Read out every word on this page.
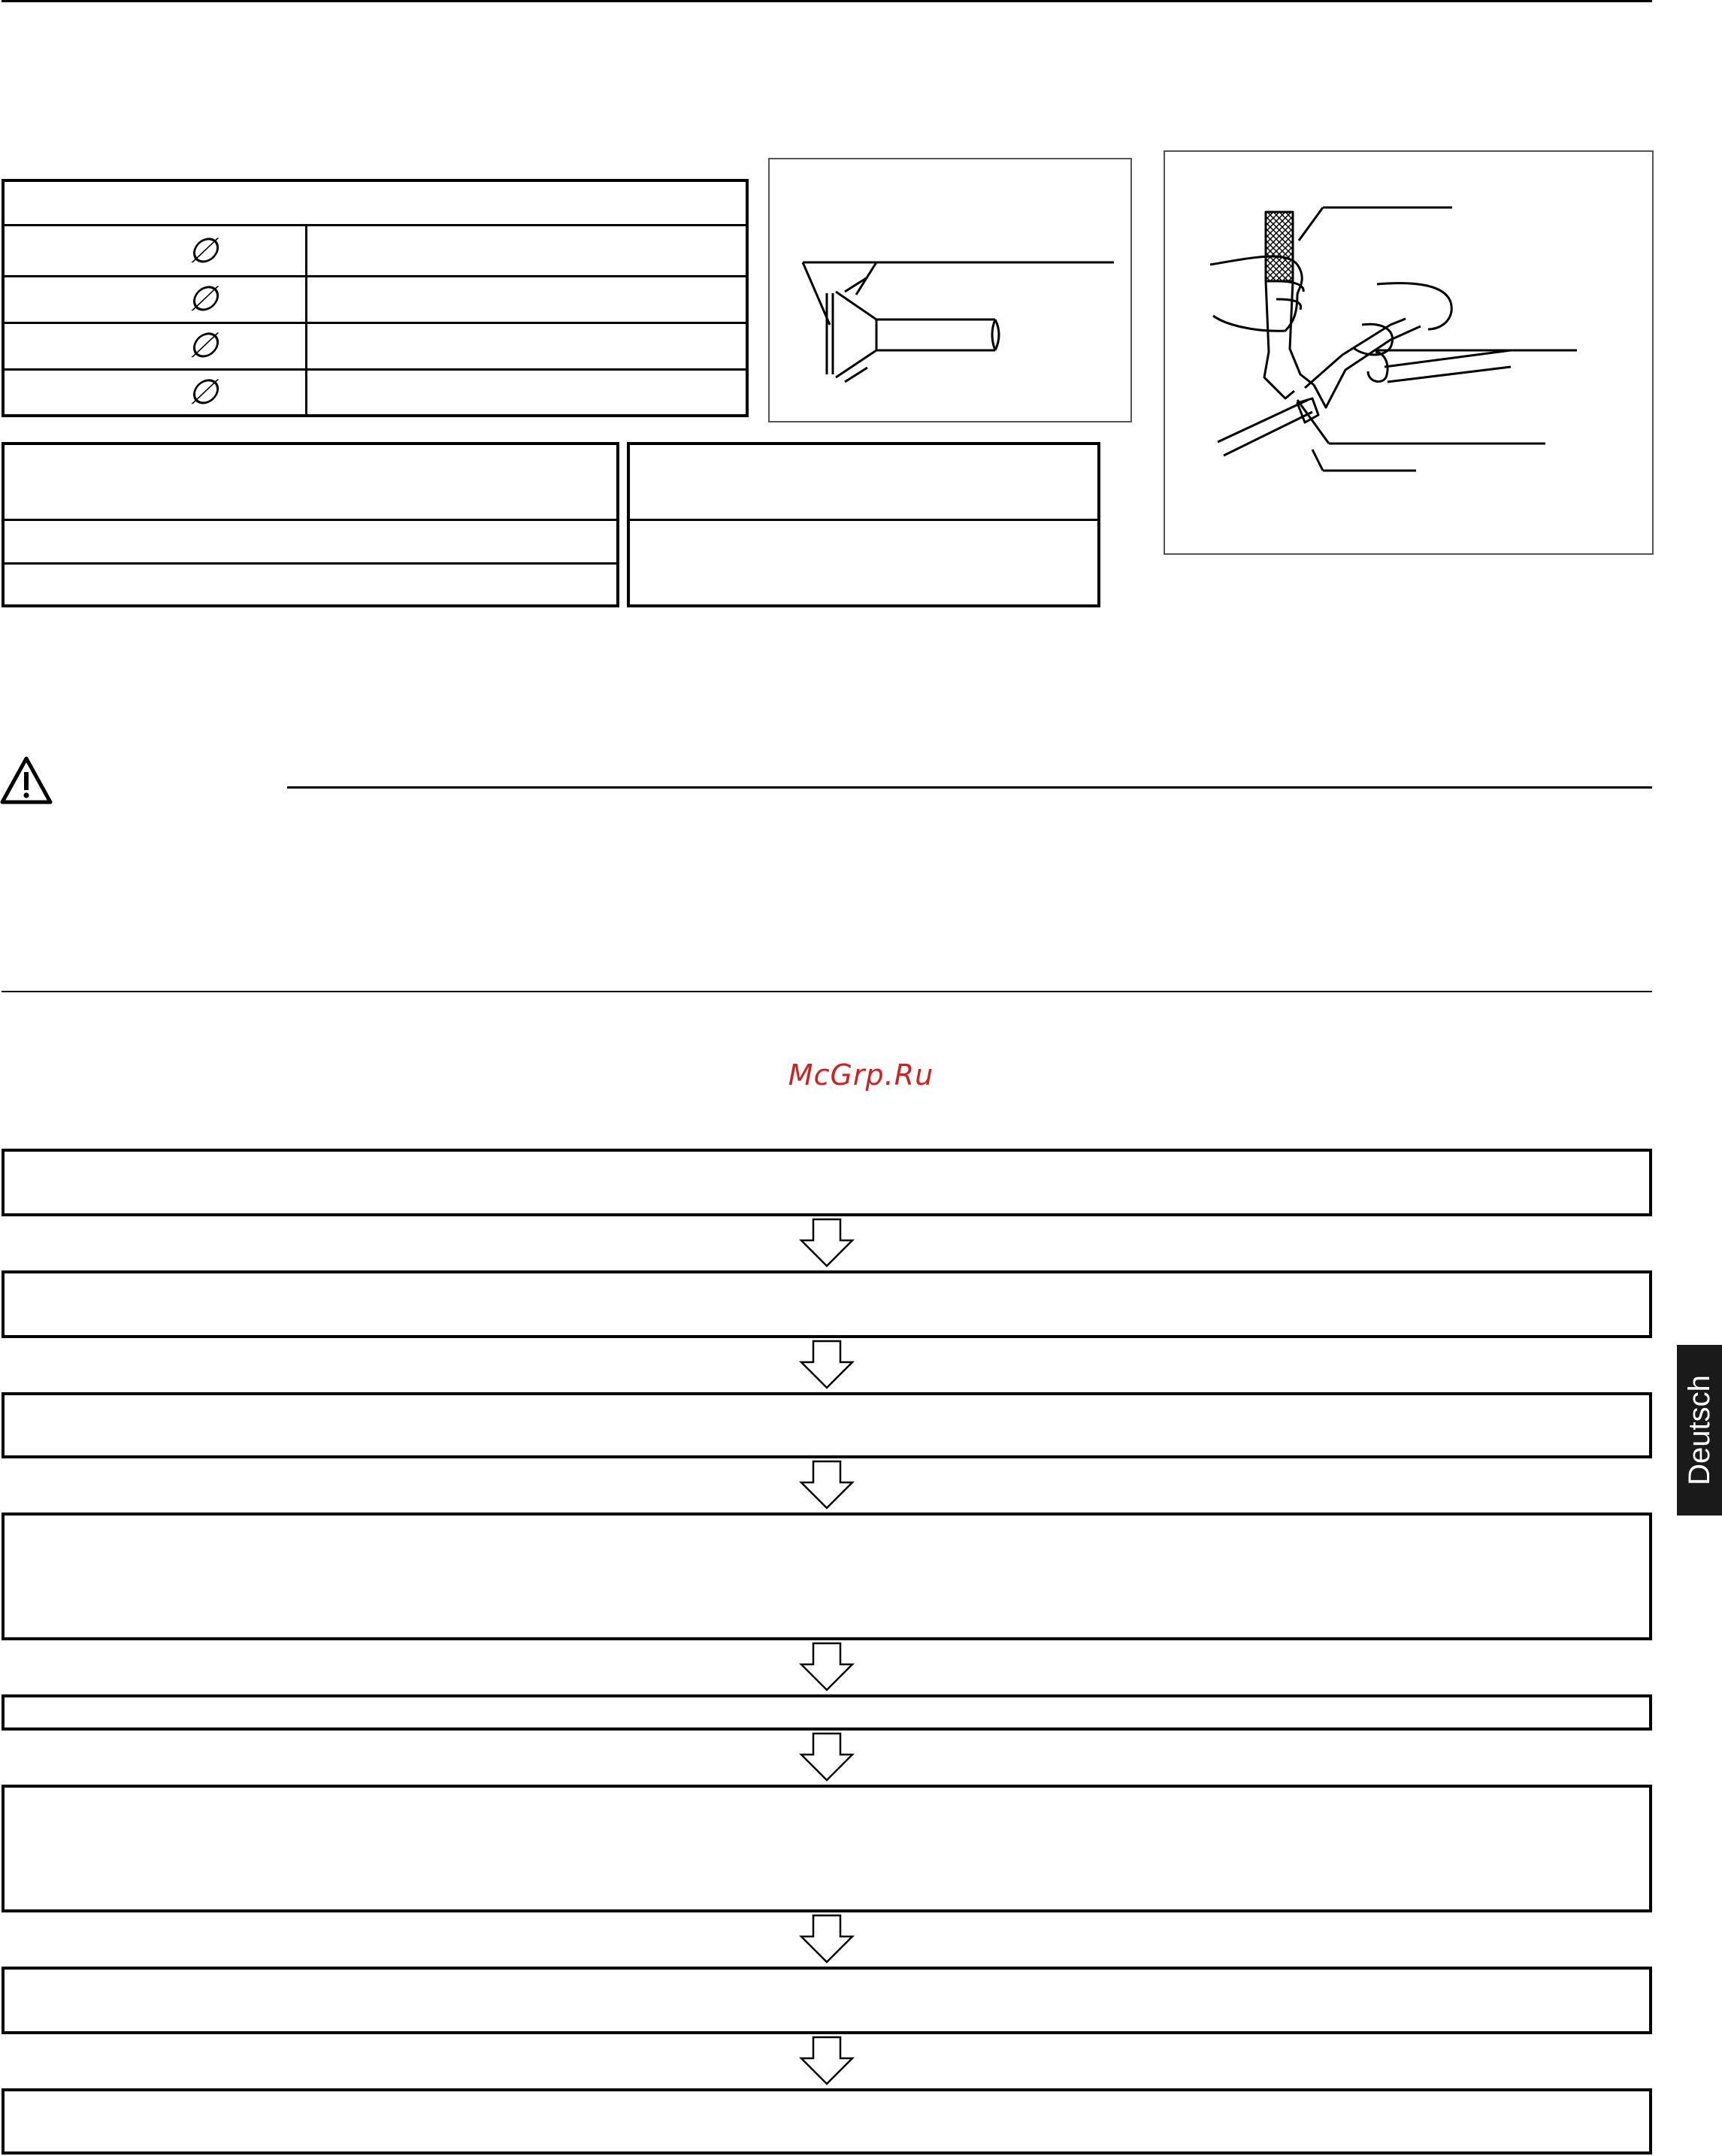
∅
∅
∅
∅
McGrp.Ru
Deutsch
